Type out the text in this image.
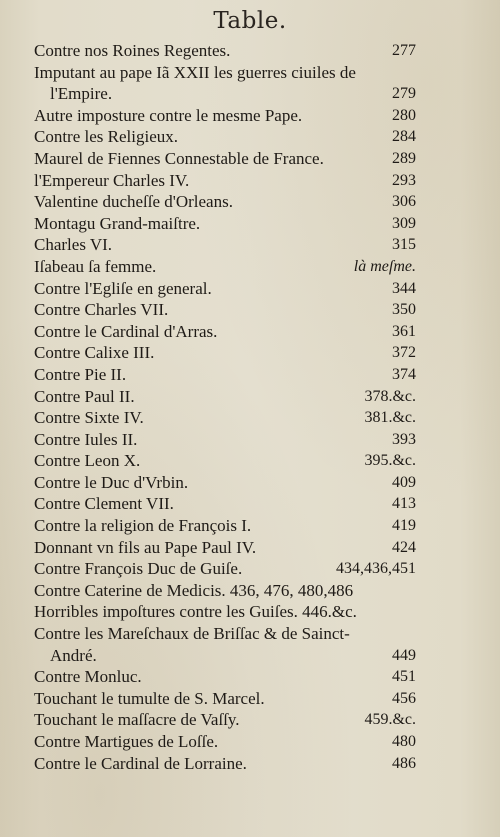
Table.
Contre nos Roines Regentes.	277
Imputant au pape Iã XXII les guerres ciuiles de
l'Empire.	279
Autre imposture contre le mesme Pape.	280
Contre les Religieux.	284
Maurel de Fiennes Connestable de France.	289
l'Empereur Charles IV.	293
Valentine ducheſſe d'Orleans.	306
Montagu Grand-maiſtre.	309
Charles VI.	315
Iſabeau ſa femme.	là meſme.
Contre l'Egliſe en general.	344
Contre Charles VII.	350
Contre le Cardinal d'Arras.	361
Contre Calixe III.	372
Contre Pie II.	374
Contre Paul II.	378.&c.
Contre Sixte IV.	381.&c.
Contre Iules II.	393
Contre Leon X.	395.&c.
Contre le Duc d'Vrbin.	409
Contre Clement VII.	413
Contre la religion de François I.	419
Donnant vn fils au Pape Paul IV.	424
Contre François Duc de Guiſe.	434,436,451
Contre Caterine de Medicis. 436, 476, 480,486
Horribles impoſtures contre les Guiſes. 446.&c.
Contre les Mareſchaux de Briſſac & de Sainct-
André.	449
Contre Monluc.	451
Touchant le tumulte de S. Marcel.	456
Touchant le maſſacre de Vaſſy.	459.&c.
Contre Martigues de Loſſe.	480
Contre le Cardinal de Lorraine.	486
